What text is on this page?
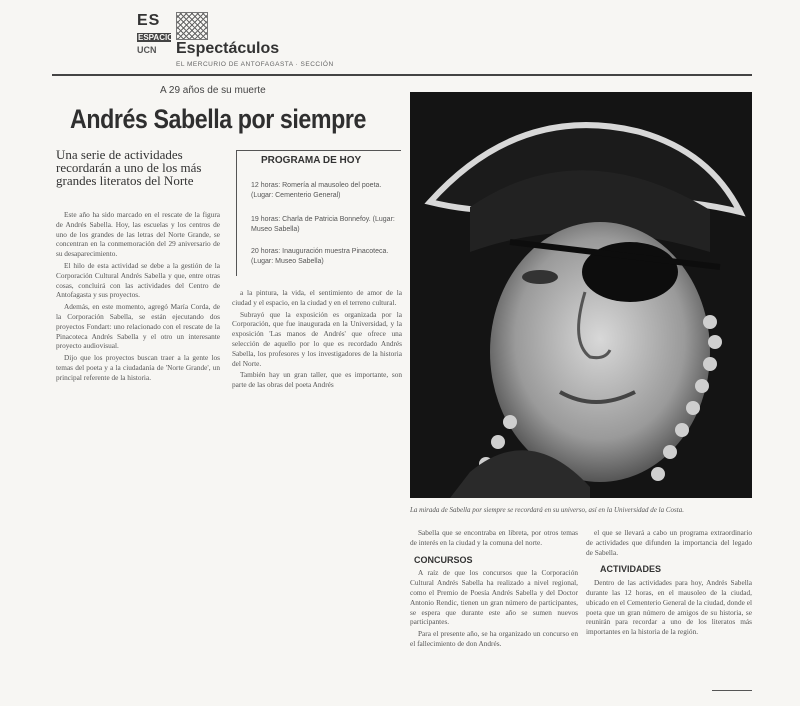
ES
ESPACIO
UCN	Espectáculos
EL MERCURIO DE ANTOFAGASTA · SECCIÓN
A 29 años de su muerte
Andrés Sabella por siempre
Una serie de actividades recordarán a uno de los más grandes literatos del Norte
PROGRAMA DE HOY
12 horas: Romería al mausoleo del poeta. (Lugar: Cementerio General)
19 horas: Charla de Patricia Bonnefoy. (Lugar: Museo Sabella)
20 horas: Inauguración muestra Pinacoteca. (Lugar: Museo Sabella)

Este año ha sido marcado en el rescate de la figura de Andrés Sabella. Hoy, las escuelas y los centros de uno de los grandes de las letras del Norte Grande, se concentran en la conmemoración del 29 aniversario de su desaparecimiento.

El hilo de esta actividad se debe a la gestión de la Corporación Cultural Andrés Sabella y que, entre otras cosas, concluirá con las actividades del Centro de Antofagasta y sus proyectos.

Además, en este momento, agregó María Corda, de la Corporación Sabella, se están ejecutando dos proyectos Fondart: uno relacionado con el rescate de la Pinacoteca Andrés Sabella y el otro un interesante proyecto audiovisual.

Dijo que los proyectos buscan traer a la gente los temas del poeta y a la ciudadanía de 'Norte Grande', un principal referente de la historia.

a la pintura, la vida, el sentimiento de amor de la ciudad y el espacio, en la ciudad y en el terreno cultural.

Subrayó que la exposición es organizada por la Corporación, que fue inaugurada en la Universidad, y la exposición 'Las manos de Andrés' que ofrece una selección de aquello por lo que es recordado Andrés Sabella, los profesores y los investigadores de la historia del Norte.

También hay un gran taller, que es importante, son parte de las obras del poeta Andrés

La mirada de Sabella por siempre se recordará en su universo, así en la Universidad de la Costa.

Sabella que se encontraba en libreta, por otros temas de interés en la ciudad y la comuna del norte.

CONCURSOS

A raíz de que los concursos que la Corporación Cultural Andrés Sabella ha realizado a nivel regional, como el Premio de Poesía Andrés Sabella y del Doctor Antonio Rendic, tienen un gran número de participantes, se espera que durante este año se sumen nuevos participantes.

Para el presente año, se ha organizado un concurso en el fallecimiento de don Andrés.

el que se llevará a cabo un programa extraordinario de actividades que difunden la importancia del legado de Sabella.

ACTIVIDADES

Dentro de las actividades para hoy, Andrés Sabella durante las 12 horas, en el mausoleo de la ciudad, ubicado en el Cementerio General de la ciudad, donde el poeta que un gran número de amigos de su historia, se reunirán para recordar a uno de los literatos más importantes en la historia de la región.
